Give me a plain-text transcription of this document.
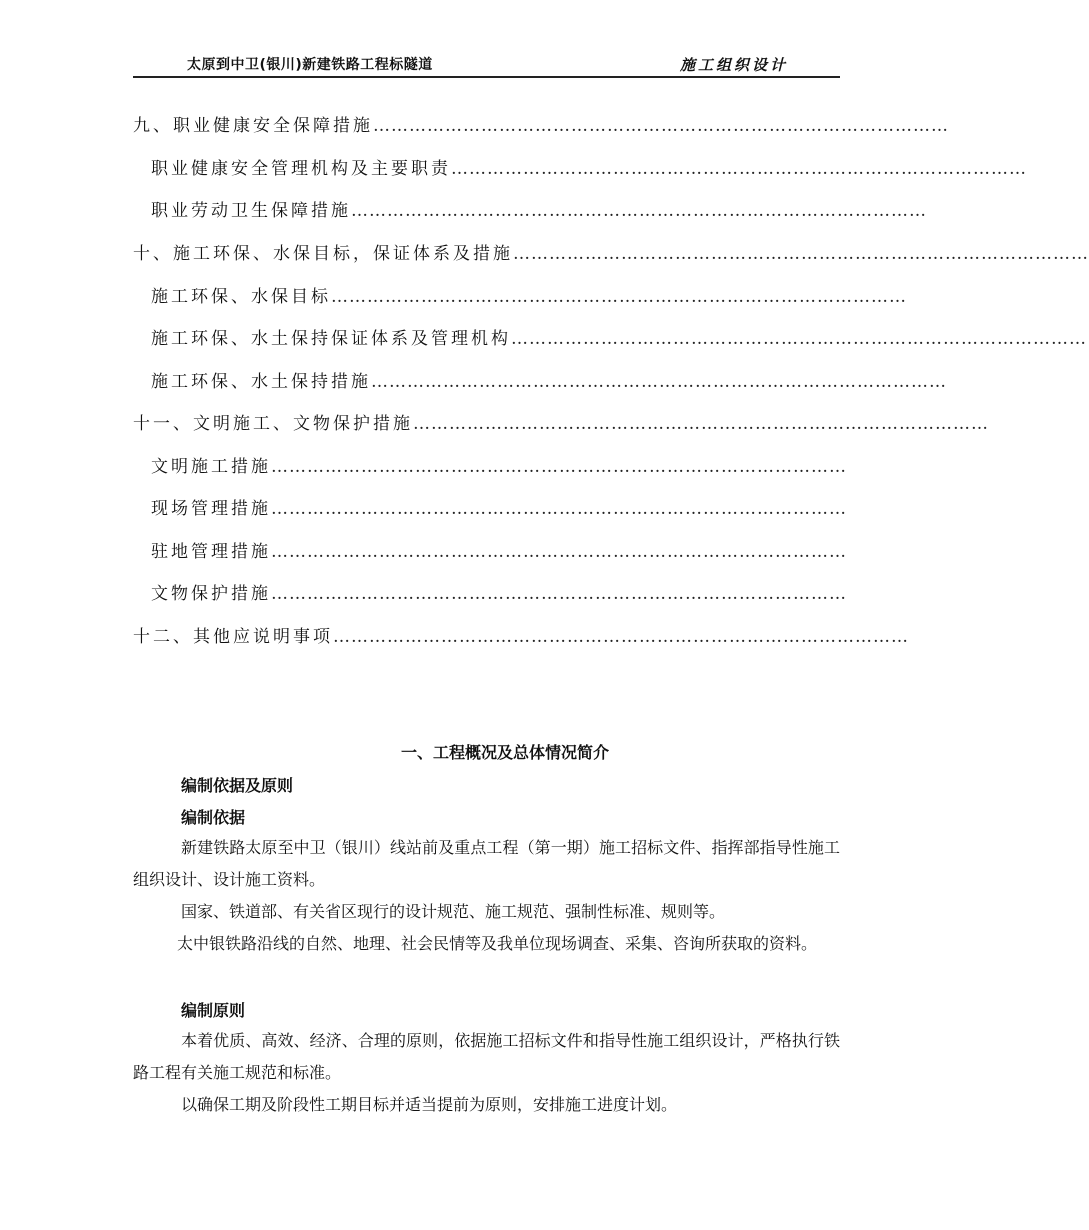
太原到中卫(银川)新建铁路工程标隧道	施工组织设计
九、职业健康安全保障措施 ……………………………………………………………………………………
职业健康安全管理机构及主要职责 ……………………………………………………………………………………
职业劳动卫生保障措施 ……………………………………………………………………………………
十、施工环保、水保目标，保证体系及措施 ……………………………………………………………………………………
施工环保、水保目标 ……………………………………………………………………………………
施工环保、水土保持保证体系及管理机构 ……………………………………………………………………………………
施工环保、水土保持措施 ……………………………………………………………………………………
十一、文明施工、文物保护措施 ……………………………………………………………………………………
文明施工措施 ……………………………………………………………………………………
现场管理措施 ……………………………………………………………………………………
驻地管理措施 ……………………………………………………………………………………
文物保护措施 ……………………………………………………………………………………
十二、其他应说明事项 ……………………………………………………………………………………
一、工程概况及总体情况简介
编制依据及原则
编制依据
新建铁路太原至中卫（银川）线站前及重点工程（第一期）施工招标文件、指挥部指导性施工组织设计、设计施工资料。
国家、铁道部、有关省区现行的设计规范、施工规范、强制性标准、规则等。
太中银铁路沿线的自然、地理、社会民情等及我单位现场调查、采集、咨询所获取的资料。
编制原则
本着优质、高效、经济、合理的原则，依据施工招标文件和指导性施工组织设计，严格执行铁路工程有关施工规范和标准。
以确保工期及阶段性工期目标并适当提前为原则，安排施工进度计划。
